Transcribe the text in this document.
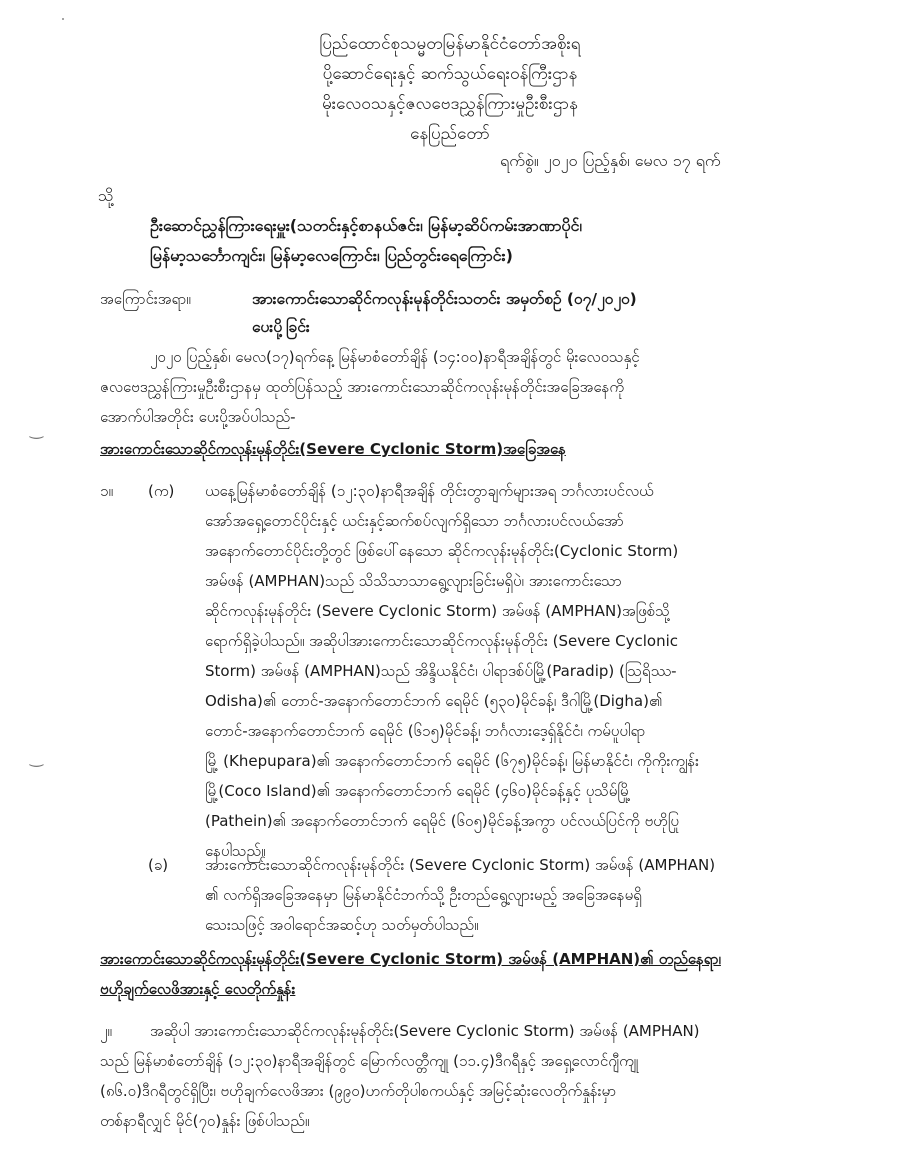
‿
‿
ပြည်ထောင်စုသမ္မတမြန်မာနိုင်ငံတော်အစိုးရ
ပို့ဆောင်ရေးနှင့် ဆက်သွယ်ရေးဝန်ကြီးဌာန
မိုးလေဝသနှင့်ဇလဗေဒညွှန်ကြားမှုဦးစီးဌာန
နေပြည်တော်
ရက်စွဲ။ ၂၀၂၀ ပြည့်နှစ်၊ မေလ ၁၇ ရက်
သို့
ဦးဆောင်ညွှန်ကြားရေးမှူး(သတင်းနှင့်စာနယ်ဇင်း၊ မြန်မာ့ဆိပ်ကမ်းအာဏာပိုင်၊
မြန်မာ့သင်္ဘောကျင်း၊ မြန်မာ့လေကြောင်း၊ ပြည်တွင်းရေကြောင်း)
အကြောင်းအရာ။	အားကောင်းသောဆိုင်ကလုန်းမုန်တိုင်းသတင်း အမှတ်စဉ် (၀၇/၂၀၂၀)
ပေးပို့ခြင်း
၂၀၂၀ ပြည့်နှစ်၊ မေလ(၁၇)ရက်နေ့ မြန်မာစံတော်ချိန် (၁၄:၀၀)နာရီအချိန်တွင် မိုးလေဝသနှင့်
ဇလဗေဒညွှန်ကြားမှုဦးစီးဌာနမှ ထုတ်ပြန်သည့် အားကောင်းသောဆိုင်ကလုန်းမုန်တိုင်းအခြေအနေကို
အောက်ပါအတိုင်း ပေးပို့အပ်ပါသည်-
အားကောင်းသောဆိုင်ကလုန်းမုန်တိုင်း(Severe Cyclonic Storm)အခြေအနေ
၁။ (က) ယနေ့မြန်မာစံတော်ချိန် (၁၂:၃၀)နာရီအချိန် တိုင်းတွာချက်များအရ ဘင်္ဂလားပင်လယ်
အော်အရှေ့တောင်ပိုင်းနှင့် ယင်းနှင့်ဆက်စပ်လျက်ရှိသော ဘင်္ဂလားပင်လယ်အော်
အနောက်တောင်ပိုင်းတို့တွင် ဖြစ်ပေါ်နေသော ဆိုင်ကလုန်းမုန်တိုင်း(Cyclonic Storm)
အမ်ဖန် (AMPHAN)သည် သိသိသာသာရွေ့လျားခြင်းမရှိပဲ၊ အားကောင်းသော
ဆိုင်ကလုန်းမုန်တိုင်း (Severe Cyclonic Storm) အမ်ဖန် (AMPHAN)အဖြစ်သို့
ရောက်ရှိခဲ့ပါသည်။ အဆိုပါအားကောင်းသောဆိုင်ကလုန်းမုန်တိုင်း (Severe Cyclonic
Storm) အမ်ဖန် (AMPHAN)သည် အိန္ဒိယနိုင်ငံ၊ ပါရာဒစ်ပ်မြို့(Paradip) (ဩရိဿ-
Odisha)၏ တောင်-အနောက်တောင်ဘက် ရေမိုင် (၅၃၀)မိုင်ခန့်၊ ဒီဂါမြို့(Digha)၏
တောင်-အနောက်တောင်ဘက် ရေမိုင် (၆၁၅)မိုင်ခန့်၊ ဘင်္ဂလားဒေ့ရှ်နိုင်ငံ၊ ကမ်ပူပါရာ
မြို့ (Khepupara)၏ အနောက်တောင်ဘက် ရေမိုင် (၆၇၅)မိုင်ခန့်၊ မြန်မာနိုင်ငံ၊ ကိုကိုးကျွန်း
မြို့(Coco Island)၏ အနောက်တောင်ဘက် ရေမိုင် (၄၆၀)မိုင်ခန့်နှင့် ပုသိမ်မြို့
(Pathein)၏ အနောက်တောင်ဘက် ရေမိုင် (၆၀၅)မိုင်ခန့်အကွာ ပင်လယ်ပြင်ကို ဗဟိုပြု
နေပါသည်။
(ခ) အားကောင်းသောဆိုင်ကလုန်းမုန်တိုင်း (Severe Cyclonic Storm) အမ်ဖန် (AMPHAN)
၏ လက်ရှိအခြေအနေမှာ မြန်မာနိုင်ငံဘက်သို့ ဦးတည်ရွေ့လျားမည့် အခြေအနေမရှိ
သေးသဖြင့် အဝါရောင်အဆင့်ဟု သတ်မှတ်ပါသည်။
အားကောင်းသောဆိုင်ကလုန်းမုန်တိုင်း(Severe Cyclonic Storm) အမ်ဖန် (AMPHAN)၏ တည်နေရာ၊
ဗဟိုချက်လေဖိအားနှင့် လေတိုက်နှုန်း
၂။	အဆိုပါ အားကောင်းသောဆိုင်ကလုန်းမုန်တိုင်း(Severe Cyclonic Storm) အမ်ဖန် (AMPHAN)
သည် မြန်မာစံတော်ချိန် (၁၂:၃၀)နာရီအချိန်တွင် မြောက်လတ္တီကျု (၁၁.၄)ဒီဂရီနှင့် အရှေ့လောင်ဂျီကျု
(၈၆.၀)ဒီဂရီတွင်ရှိပြီး၊ ဗဟိုချက်လေဖိအား (၉၉၀)ဟက်တိုပါစကယ်နှင့် အမြင့်ဆုံးလေတိုက်နှုန်းမှာ
တစ်နာရီလျှင် မိုင်(၇၀)နှုန်း ဖြစ်ပါသည်။
